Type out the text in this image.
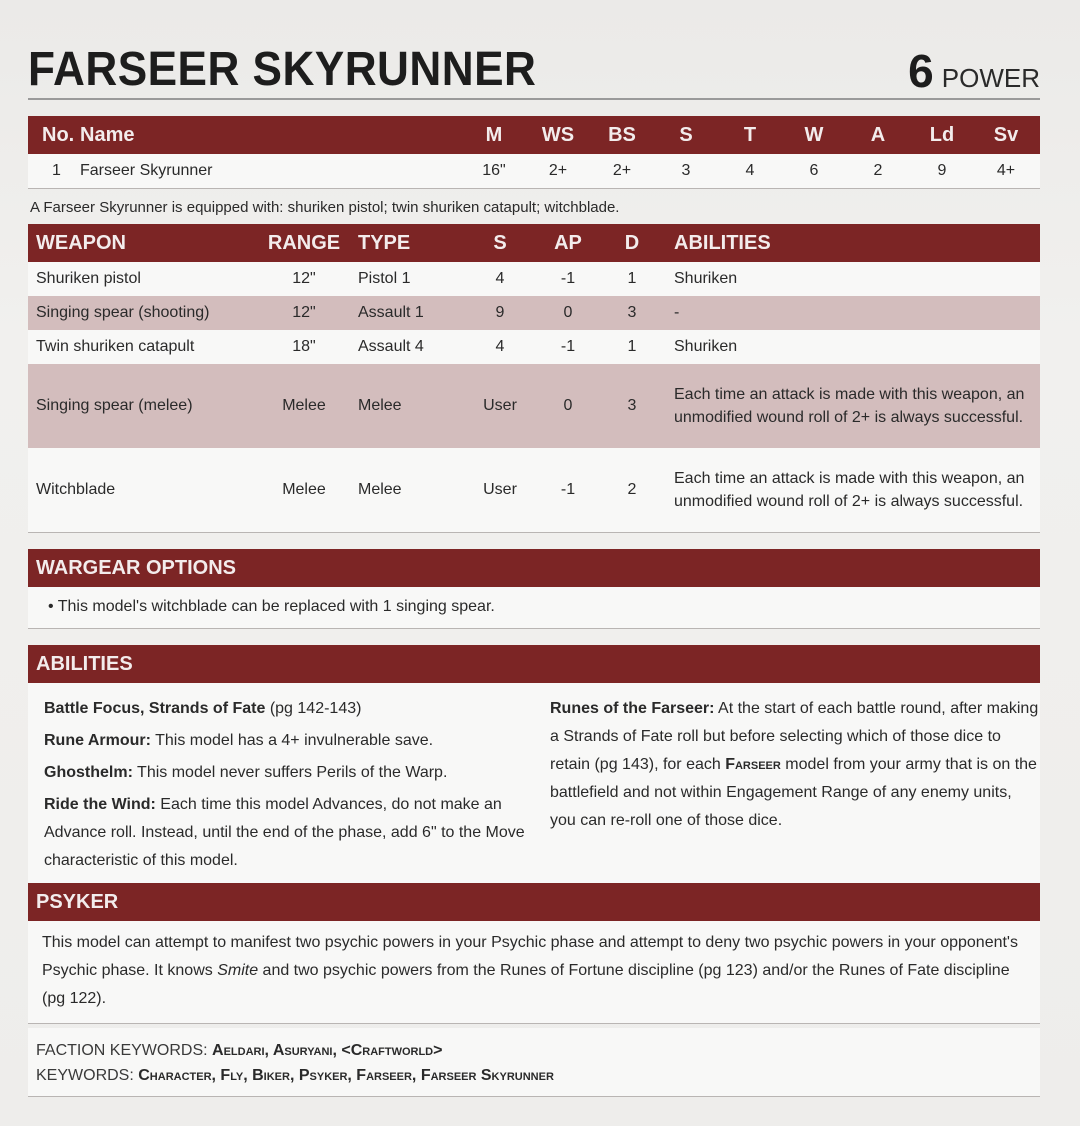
FARSEER SKYRUNNER	6 POWER
No. Name	M	WS	BS	S	T	W	A	Ld	Sv
1	Farseer Skyrunner	16"	2+	2+	3	4	6	2	9	4+
A Farseer Skyrunner is equipped with: shuriken pistol; twin shuriken catapult; witchblade.
WEAPON	RANGE TYPE	S	AP	D	ABILITIES
Shuriken pistol	12"	Pistol 1	4	-1	1	Shuriken
Singing spear (shooting)	12"	Assault 1	9	0	3	-
Twin shuriken catapult	18"	Assault 4	4	-1	1	Shuriken
Singing spear (melee)	Melee	Melee	User	0	3
Each time an attack is made with this weapon, an unmodified wound roll of 2+ is always successful.
Witchblade	Melee	Melee	User	-1	2
Each time an attack is made with this weapon, an unmodified wound roll of 2+ is always successful.
WARGEAR OPTIONS
• This model's witchblade can be replaced with 1 singing spear.
ABILITIES
Battle Focus, Strands of Fate (pg 142-143)
Rune Armour: This model has a 4+ invulnerable save.
Ghosthelm: This model never suffers Perils of the Warp.
Ride the Wind: Each time this model Advances, do not make an Advance roll. Instead, until the end of the phase, add 6" to the Move characteristic of this model.
Runes of the Farseer: At the start of each battle round, after making a Strands of Fate roll but before selecting which of those dice to retain (pg 143), for each Farseer model from your army that is on the battlefield and not within Engagement Range of any enemy units, you can re-roll one of those dice.
PSYKER
This model can attempt to manifest two psychic powers in your Psychic phase and attempt to deny two psychic powers in your opponent's Psychic phase. It knows Smite and two psychic powers from the Runes of Fortune discipline (pg 123) and/or the Runes of Fate discipline (pg 122).
FACTION KEYWORDS: Aeldari, Asuryani, <Craftworld>
KEYWORDS: Character, Fly, Biker, Psyker, Farseer, Farseer Skyrunner
